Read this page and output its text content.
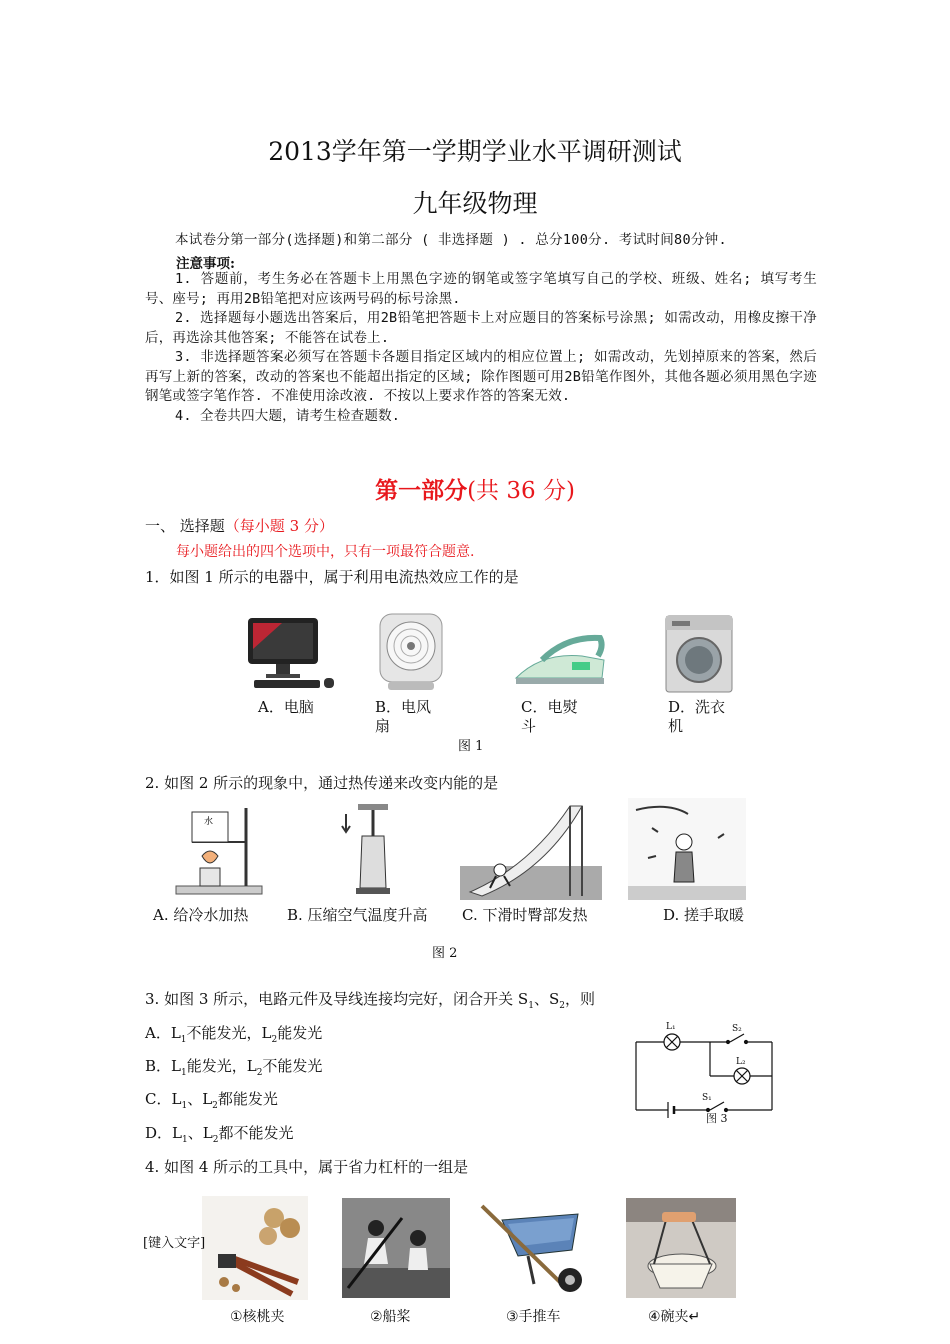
2013学年第一学期学业水平调研测试
九年级物理
本试卷分第一部分(选择题)和第二部分 ( 非选择题 ) . 总分100分. 考试时间80分钟.
注意事项:

1. 答题前，考生务必在答题卡上用黑色字迹的钢笔或签字笔填写自己的学校、班级、姓名; 填写考生号、座号; 再用2B铅笔把对应该两号码的标号涂黑.

2. 选择题每小题选出答案后，用2B铅笔把答题卡上对应题目的答案标号涂黑; 如需改动，用橡皮擦干净后，再选涂其他答案; 不能答在试卷上.

3. 非选择题答案必须写在答题卡各题目指定区域内的相应位置上; 如需改动，先划掉原来的答案，然后再写上新的答案，改动的答案也不能超出指定的区域; 除作图题可用2B铅笔作图外，其他各题必须用黑色字迹钢笔或签字笔作答. 不准使用涂改液. 不按以上要求作答的答案无效.

4. 全卷共四大题，请考生检查题数.

第一部分(共 36 分)
一、 选择题（每小题 3 分）
每小题给出的四个选项中，只有一项最符合题意.
1．如图 1 所示的电器中，属于利用电流热效应工作的是
A．电脑	B．电风扇
C．电熨斗
D．洗衣机
图 1
2. 如图 2 所示的现象中，通过热传递来改变内能的是
水
A. 给冷水加热	B. 压缩空气温度升高 C. 下滑时臀部发热	D. 搓手取暖
图 2
3. 如图 3 所示，电路元件及导线连接均完好，闭合开关 $S_1$、$S_2$，则
A．$L_1$不能发光，$L_2$能发光
B．$L_1$能发光，$L_2$不能发光
C．$L_1$、$L_2$都能发光
D．$L_1$、$L_2$都不能发光
L₁	S₂
L₂
S₁
图 3
4. 如图 4 所示的工具中，属于省力杠杆的一组是
[键入文字]
①核桃夹	②船桨	③手推车	④碗夹↵
